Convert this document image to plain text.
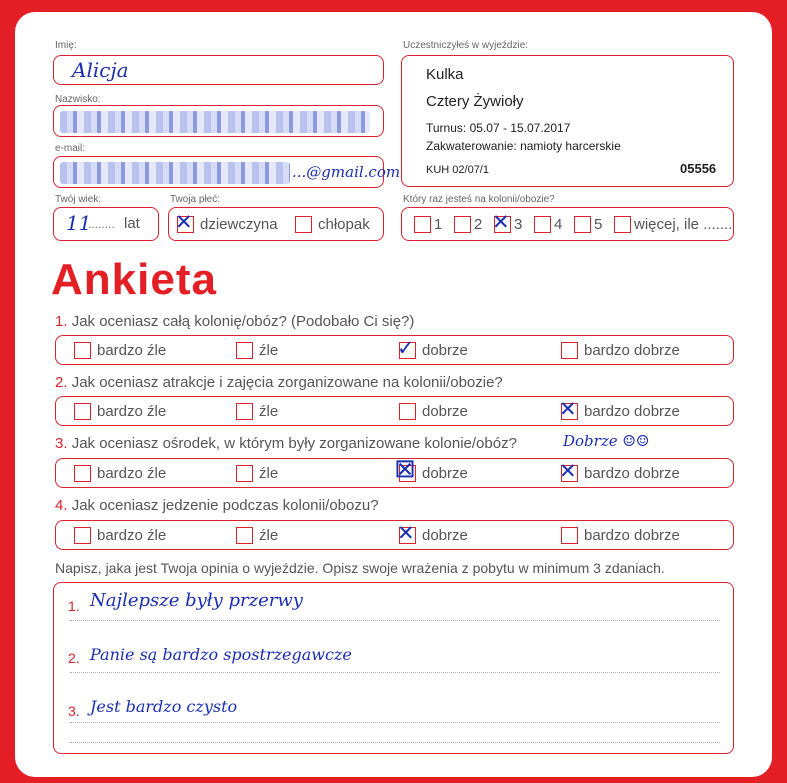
Imię:
Alicja
Nazwisko:
e-mail:
...@gmail.com
Twój wiek:
11
........ lat
Twoja płeć:
✕ dziewczyna	chłopak
Uczestniczyłeś w wyjeździe:
Kulka
Cztery Żywioły
Turnus: 05.07 - 15.07.2017
Zakwaterowanie: namioty harcerskie
KUH 02/07/1	05556
Który raz jesteś na kolonii/obozie?
1 2 ✕ 3 4 5 więcej, ile .......
Ankieta
1. Jak oceniasz całą kolonię/obóz? (Podobało Ci się?)
bardzo źle	źle	✓ dobrze	bardzo dobrze
2. Jak oceniasz atrakcje i zajęcia zorganizowane na kolonii/obozie?
bardzo źle	źle	dobrze	✕ bardzo dobrze
3. Jak oceniasz ośrodek, w którym były zorganizowane kolonie/obóz?	Dobrze ☺☺
bardzo źle	źle	⊠ dobrze	✕ bardzo dobrze
4. Jak oceniasz jedzenie podczas kolonii/obozu?
bardzo źle	źle	✕ dobrze	bardzo dobrze
Napisz, jaka jest Twoja opinia o wyjeździe. Opisz swoje wrażenia z pobytu w minimum 3 zdaniach.
1. Najlepsze były przerwy
2. Panie są bardzo spostrzegawcze
3. Jest bardzo czysto
